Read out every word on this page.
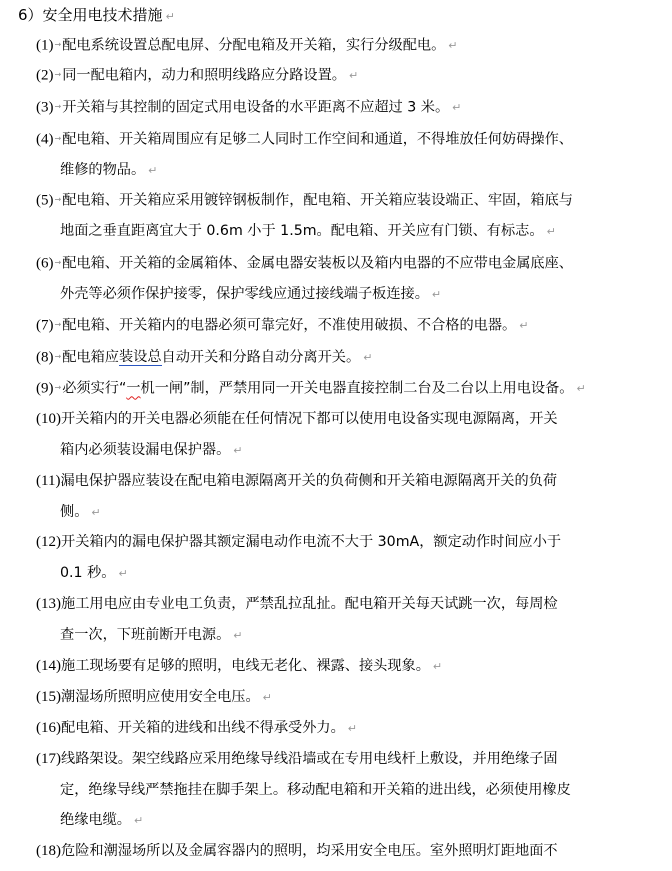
6）安全用电技术措施 ↵
(1)→配电系统设置总配电屏、分配电箱及开关箱，实行分级配电。 ↵
(2)→同一配电箱内，动力和照明线路应分路设置。 ↵
(3)→开关箱与其控制的固定式用电设备的水平距离不应超过 3 米。 ↵
(4)→配电箱、开关箱周围应有足够二人同时工作空间和通道，不得堆放任何妨碍操作、
维修的物品。 ↵
(5)→配电箱、开关箱应采用镀锌钢板制作，配电箱、开关箱应装设端正、牢固，箱底与
地面之垂直距离宜大于 0.6m 小于 1.5m。配电箱、开关应有门锁、有标志。 ↵
(6)→配电箱、开关箱的金属箱体、金属电器安装板以及箱内电器的不应带电金属底座、
外壳等必须作保护接零，保护零线应通过接线端子板连接。 ↵
(7)→配电箱、开关箱内的电器必须可靠完好，不准使用破损、不合格的电器。 ↵
(8)→配电箱应装设总自动开关和分路自动分离开关。 ↵
(9)→必须实行“一机一闸”制，严禁用同一开关电器直接控制二台及二台以上用电设备。 ↵
(10)开关箱内的开关电器必须能在任何情况下都可以使用电设备实现电源隔离，开关
箱内必须装设漏电保护器。 ↵
(11)漏电保护器应装设在配电箱电源隔离开关的负荷侧和开关箱电源隔离开关的负荷
侧。 ↵
(12)开关箱内的漏电保护器其额定漏电动作电流不大于 30mA，额定动作时间应小于
0.1 秒。 ↵
(13)施工用电应由专业电工负责，严禁乱拉乱扯。配电箱开关每天试跳一次，每周检
查一次，下班前断开电源。 ↵
(14)施工现场要有足够的照明，电线无老化、裸露、接头现象。 ↵
(15)潮湿场所照明应使用安全电压。 ↵
(16)配电箱、开关箱的进线和出线不得承受外力。 ↵
(17)线路架设。架空线路应采用绝缘导线沿墙或在专用电线杆上敷设，并用绝缘子固
定，绝缘导线严禁拖挂在脚手架上。移动配电箱和开关箱的进出线，必须使用橡皮
绝缘电缆。 ↵
(18)危险和潮湿场所以及金属容器内的照明，均采用安全电压。室外照明灯距地面不
